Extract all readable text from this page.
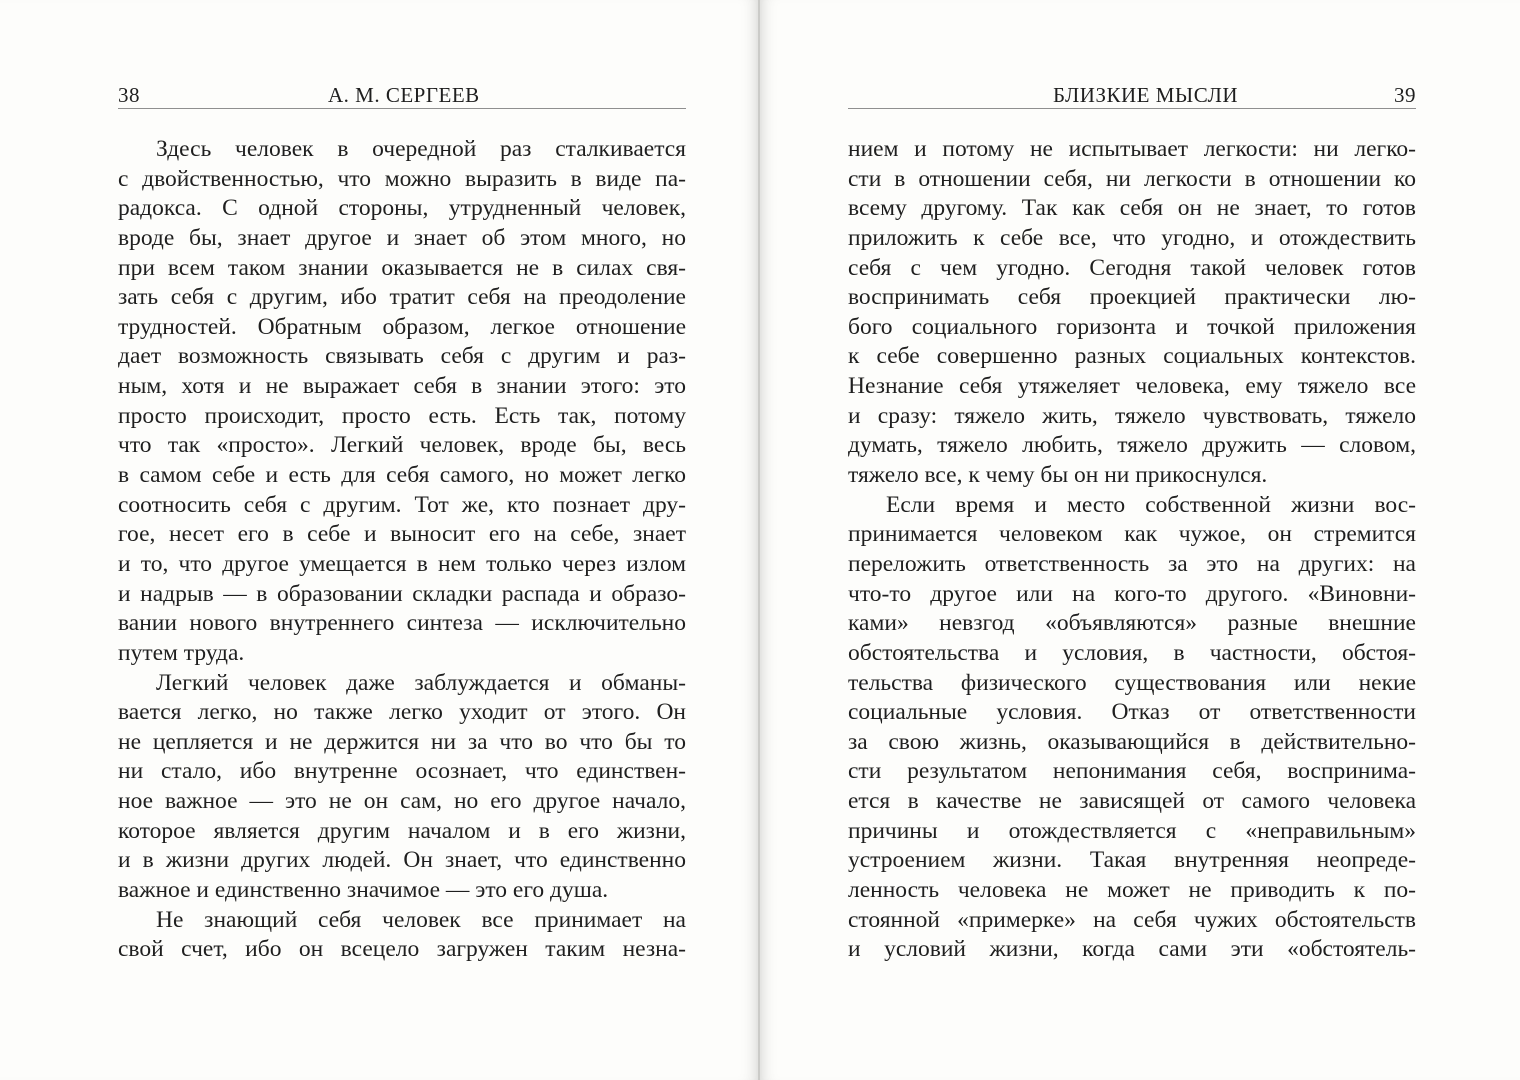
38	А. М. СЕРГЕЕВ
Здесь человек в очередной раз сталкивается
с двойственностью, что можно выразить в виде па-
радокса. С одной стороны, утрудненный человек,
вроде бы, знает другое и знает об этом много, но
при всем таком знании оказывается не в силах свя-
зать себя с другим, ибо тратит себя на преодоление
трудностей. Обратным образом, легкое отношение
дает возможность связывать себя с другим и раз-
ным, хотя и не выражает себя в знании этого: это
просто происходит, просто есть. Есть так, потому
что так «просто». Легкий человек, вроде бы, весь
в самом себе и есть для себя самого, но может легко
соотносить себя с другим. Тот же, кто познает дру-
гое, несет его в себе и выносит его на себе, знает
и то, что другое умещается в нем только через излом
и надрыв — в образовании складки распада и образо-
вании нового внутреннего синтеза — исключительно
путем труда.
Легкий человек даже заблуждается и обманы-
вается легко, но также легко уходит от этого. Он
не цепляется и не держится ни за что во что бы то
ни стало, ибо внутренне осознает, что единствен-
ное важное — это не он сам, но его другое начало,
которое является другим началом и в его жизни,
и в жизни других людей. Он знает, что единственно
важное и единственно значимое — это его душа.
Не знающий себя человек все принимает на
свой счет, ибо он всецело загружен таким незна-
БЛИЗКИЕ МЫСЛИ	39
нием и потому не испытывает легкости: ни легко-
сти в отношении себя, ни легкости в отношении ко
всему другому. Так как себя он не знает, то готов
приложить к себе все, что угодно, и отождествить
себя с чем угодно. Сегодня такой человек готов
воспринимать себя проекцией практически лю-
бого социального горизонта и точкой приложения
к себе совершенно разных социальных контекстов.
Незнание себя утяжеляет человека, ему тяжело все
и сразу: тяжело жить, тяжело чувствовать, тяжело
думать, тяжело любить, тяжело дружить — словом,
тяжело все, к чему бы он ни прикоснулся.
Если время и место собственной жизни вос-
принимается человеком как чужое, он стремится
переложить ответственность за это на других: на
что-то другое или на кого-то другого. «Виновни-
ками» невзгод «объявляются» разные внешние
обстоятельства и условия, в частности, обстоя-
тельства физического существования или некие
социальные условия. Отказ от ответственности
за свою жизнь, оказывающийся в действительно-
сти результатом непонимания себя, воспринима-
ется в качестве не зависящей от самого человека
причины и отождествляется с «неправильным»
устроением жизни. Такая внутренняя неопреде-
ленность человека не может не приводить к по-
стоянной «примерке» на себя чужих обстоятельств
и условий жизни, когда сами эти «обстоятель-
